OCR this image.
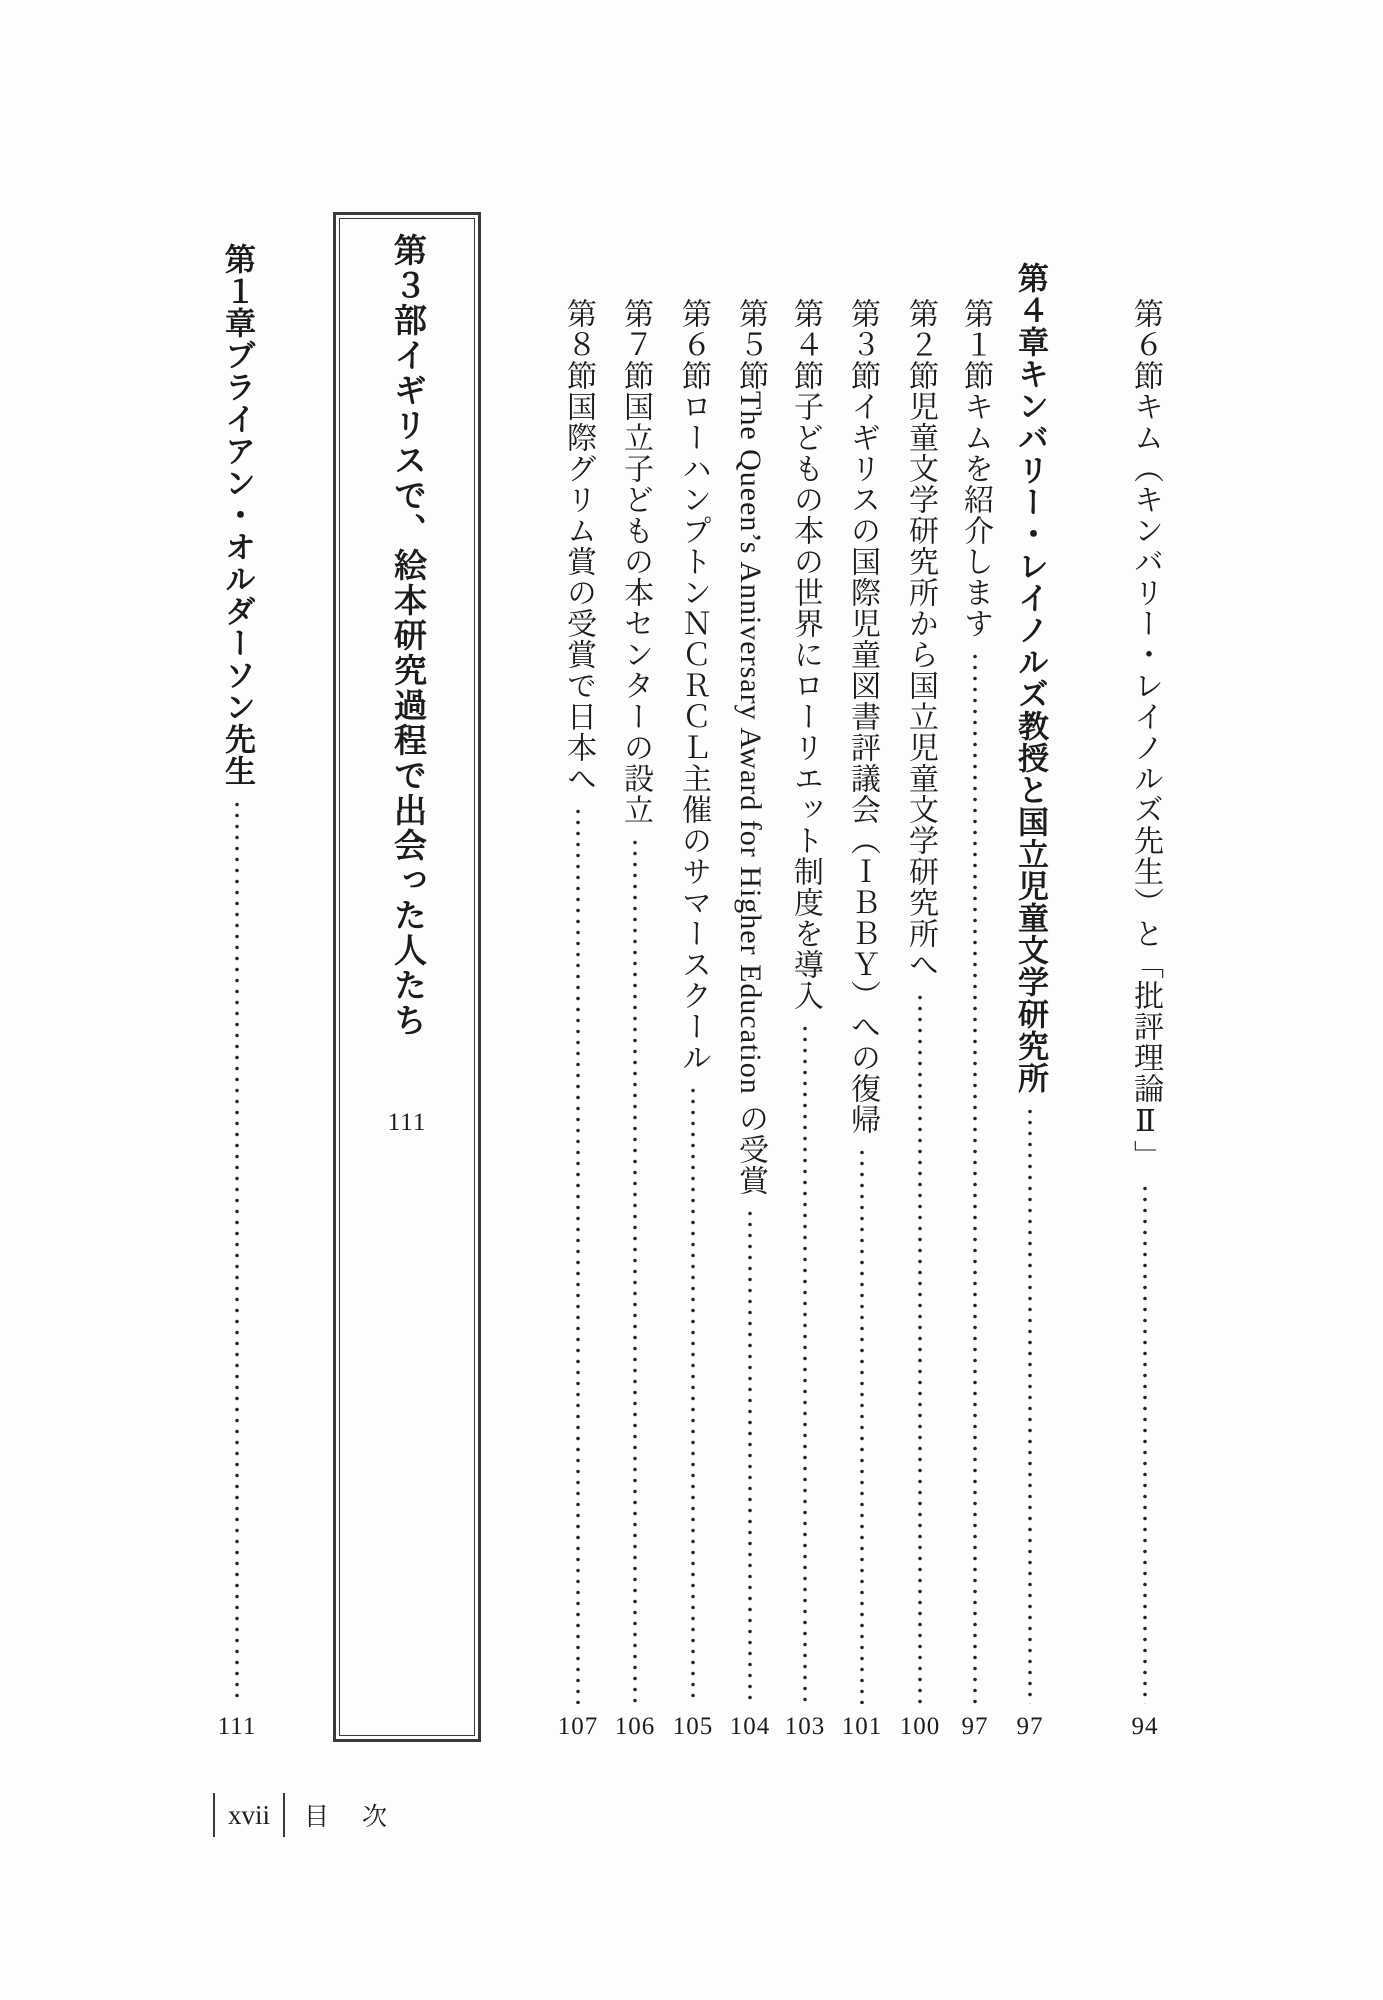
第６節キム（キンバリー・レイノルズ先生）と「批評理論Ⅱ」
94
第４章キンバリー・レイノルズ教授と国立児童文学研究所
97
第１節キムを紹介します
97
第２節児童文学研究所から国立児童文学研究所へ
100
第３節イギリスの国際児童図書評議会（ＩＢＢＹ）への復帰
101
第４節子どもの本の世界にローリエット制度を導入
103
第５節The Queen’s Anniversary Award for Higher Education の受賞
104
第６節ローハンプトンＮＣＲＣＬ主催のサマースクール
105
第７節国立子どもの本センターの設立
106
第８節国際グリム賞の受賞で日本へ
107
第３部イギリスで、絵本研究過程で出会った人たち
111
第１章ブライアン・オルダーソン先生
111
xvii 目　次
